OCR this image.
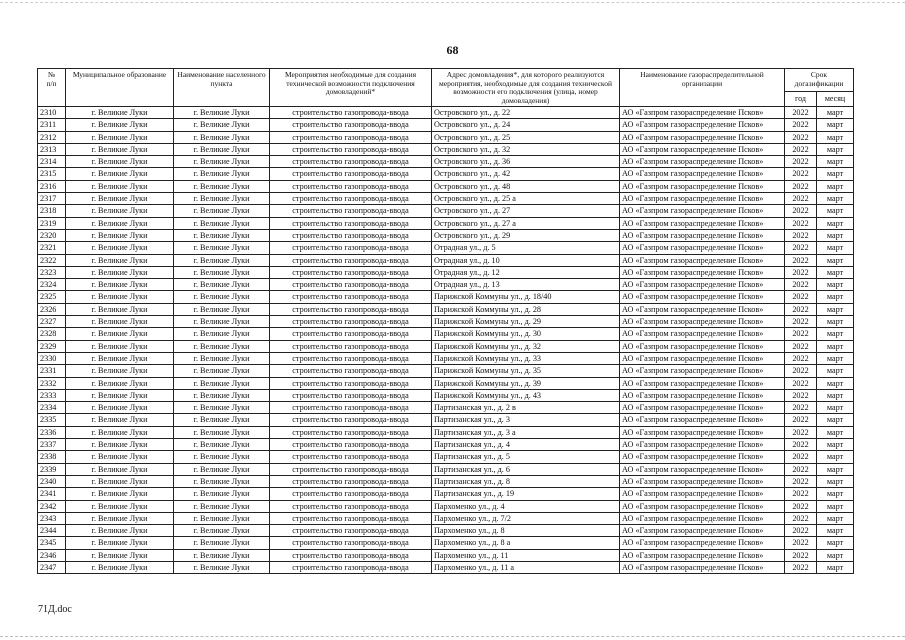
68
№
п/п	Муниципальное образование	Наименование населенного пункта	Мероприятия необходимые для создания технической возможности подключения домовладений*	Адрес домовладения*, для которого реализуются мероприятия, необходимые для создания технической возможности его подключения (улица, номер домовладения)	Наименование газораспределительной организации	Срок догазификации	
						год	месяц
2310	г. Великие Луки	г. Великие Луки	строительство газопровода-ввода	Островского ул., д. 22	АО «Газпром газораспределение Псков»	2022	март
2311	г. Великие Луки	г. Великие Луки	строительство газопровода-ввода	Островского ул., д. 24	АО «Газпром газораспределение Псков»	2022	март
2312	г. Великие Луки	г. Великие Луки	строительство газопровода-ввода	Островского ул., д. 25	АО «Газпром газораспределение Псков»	2022	март
2313	г. Великие Луки	г. Великие Луки	строительство газопровода-ввода	Островского ул., д. 32	АО «Газпром газораспределение Псков»	2022	март
2314	г. Великие Луки	г. Великие Луки	строительство газопровода-ввода	Островского ул., д. 36	АО «Газпром газораспределение Псков»	2022	март
2315	г. Великие Луки	г. Великие Луки	строительство газопровода-ввода	Островского ул., д. 42	АО «Газпром газораспределение Псков»	2022	март
2316	г. Великие Луки	г. Великие Луки	строительство газопровода-ввода	Островского ул., д. 48	АО «Газпром газораспределение Псков»	2022	март
2317	г. Великие Луки	г. Великие Луки	строительство газопровода-ввода	Островского ул., д. 25 а	АО «Газпром газораспределение Псков»	2022	март
2318	г. Великие Луки	г. Великие Луки	строительство газопровода-ввода	Островского ул., д. 27	АО «Газпром газораспределение Псков»	2022	март
2319	г. Великие Луки	г. Великие Луки	строительство газопровода-ввода	Островского ул., д. 27 а	АО «Газпром газораспределение Псков»	2022	март
2320	г. Великие Луки	г. Великие Луки	строительство газопровода-ввода	Островского ул., д. 29	АО «Газпром газораспределение Псков»	2022	март
2321	г. Великие Луки	г. Великие Луки	строительство газопровода-ввода	Отрадная ул., д. 5	АО «Газпром газораспределение Псков»	2022	март
2322	г. Великие Луки	г. Великие Луки	строительство газопровода-ввода	Отрадная ул., д. 10	АО «Газпром газораспределение Псков»	2022	март
2323	г. Великие Луки	г. Великие Луки	строительство газопровода-ввода	Отрадная ул., д. 12	АО «Газпром газораспределение Псков»	2022	март
2324	г. Великие Луки	г. Великие Луки	строительство газопровода-ввода	Отрадная ул., д. 13	АО «Газпром газораспределение Псков»	2022	март
2325	г. Великие Луки	г. Великие Луки	строительство газопровода-ввода	Парижской Коммуны ул., д. 18/40	АО «Газпром газораспределение Псков»	2022	март
2326	г. Великие Луки	г. Великие Луки	строительство газопровода-ввода	Парижской Коммуны ул., д. 28	АО «Газпром газораспределение Псков»	2022	март
2327	г. Великие Луки	г. Великие Луки	строительство газопровода-ввода	Парижской Коммуны ул., д. 29	АО «Газпром газораспределение Псков»	2022	март
2328	г. Великие Луки	г. Великие Луки	строительство газопровода-ввода	Парижской Коммуны ул., д. 30	АО «Газпром газораспределение Псков»	2022	март
2329	г. Великие Луки	г. Великие Луки	строительство газопровода-ввода	Парижской Коммуны ул., д. 32	АО «Газпром газораспределение Псков»	2022	март
2330	г. Великие Луки	г. Великие Луки	строительство газопровода-ввода	Парижской Коммуны ул., д. 33	АО «Газпром газораспределение Псков»	2022	март
2331	г. Великие Луки	г. Великие Луки	строительство газопровода-ввода	Парижской Коммуны ул., д. 35	АО «Газпром газораспределение Псков»	2022	март
2332	г. Великие Луки	г. Великие Луки	строительство газопровода-ввода	Парижской Коммуны ул., д. 39	АО «Газпром газораспределение Псков»	2022	март
2333	г. Великие Луки	г. Великие Луки	строительство газопровода-ввода	Парижской Коммуны ул., д. 43	АО «Газпром газораспределение Псков»	2022	март
2334	г. Великие Луки	г. Великие Луки	строительство газопровода-ввода	Партизанская ул., д. 2 в	АО «Газпром газораспределение Псков»	2022	март
2335	г. Великие Луки	г. Великие Луки	строительство газопровода-ввода	Партизанская ул., д. 3	АО «Газпром газораспределение Псков»	2022	март
2336	г. Великие Луки	г. Великие Луки	строительство газопровода-ввода	Партизанская ул., д. 3 а	АО «Газпром газораспределение Псков»	2022	март
2337	г. Великие Луки	г. Великие Луки	строительство газопровода-ввода	Партизанская ул., д. 4	АО «Газпром газораспределение Псков»	2022	март
2338	г. Великие Луки	г. Великие Луки	строительство газопровода-ввода	Партизанская ул., д. 5	АО «Газпром газораспределение Псков»	2022	март
2339	г. Великие Луки	г. Великие Луки	строительство газопровода-ввода	Партизанская ул., д. 6	АО «Газпром газораспределение Псков»	2022	март
2340	г. Великие Луки	г. Великие Луки	строительство газопровода-ввода	Партизанская ул., д. 8	АО «Газпром газораспределение Псков»	2022	март
2341	г. Великие Луки	г. Великие Луки	строительство газопровода-ввода	Партизанская ул., д. 19	АО «Газпром газораспределение Псков»	2022	март
2342	г. Великие Луки	г. Великие Луки	строительство газопровода-ввода	Пархоменко ул., д. 4	АО «Газпром газораспределение Псков»	2022	март
2343	г. Великие Луки	г. Великие Луки	строительство газопровода-ввода	Пархоменко ул., д. 7/2	АО «Газпром газораспределение Псков»	2022	март
2344	г. Великие Луки	г. Великие Луки	строительство газопровода-ввода	Пархоменко ул., д. 8	АО «Газпром газораспределение Псков»	2022	март
2345	г. Великие Луки	г. Великие Луки	строительство газопровода-ввода	Пархоменко ул., д. 8 а	АО «Газпром газораспределение Псков»	2022	март
2346	г. Великие Луки	г. Великие Луки	строительство газопровода-ввода	Пархоменко ул., д. 11	АО «Газпром газораспределение Псков»	2022	март
2347	г. Великие Луки	г. Великие Луки	строительство газопровода-ввода	Пархоменко ул., д. 11 а	АО «Газпром газораспределение Псков»	2022	март
71Д.doc
